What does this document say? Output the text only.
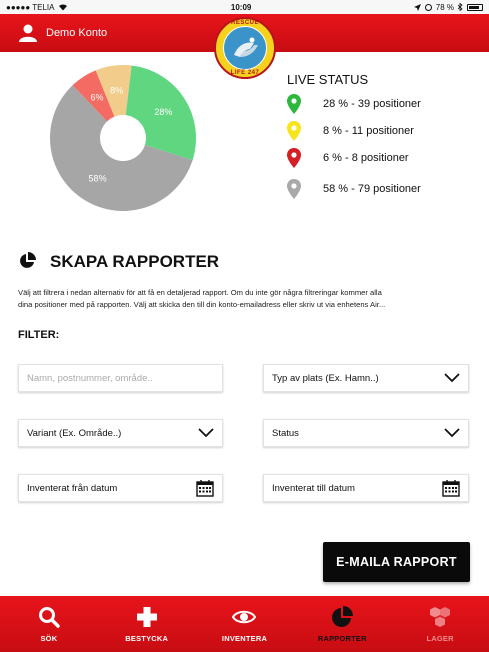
●●●●● TELIA	10:09	78 %
Demo Konto
RESCUE
LIFE 247
8%
28%
58%
6%
LIVE STATUS
28 % - 39 positioner
8 % - 11 positioner
6 % - 8 positioner
58 % - 79 positioner
SKAPA RAPPORTER
Välj att filtrera i nedan alternativ för att få en detaljerad rapport. Om du inte gör några filtreringar kommer alla
dina positioner med på rapporten. Välj att skicka den till din konto-emailadress eller skriv ut via enhetens Air...
FILTER:
Namn, postnummer, område..
Typ av plats (Ex. Hamn..)
Variant (Ex. Område..)	Status
Inventerat från datum	Inventerat till datum
E-MAILA RAPPORT
SÖK	BESTYCKA	INVENTERA	RAPPORTER	LAGER
